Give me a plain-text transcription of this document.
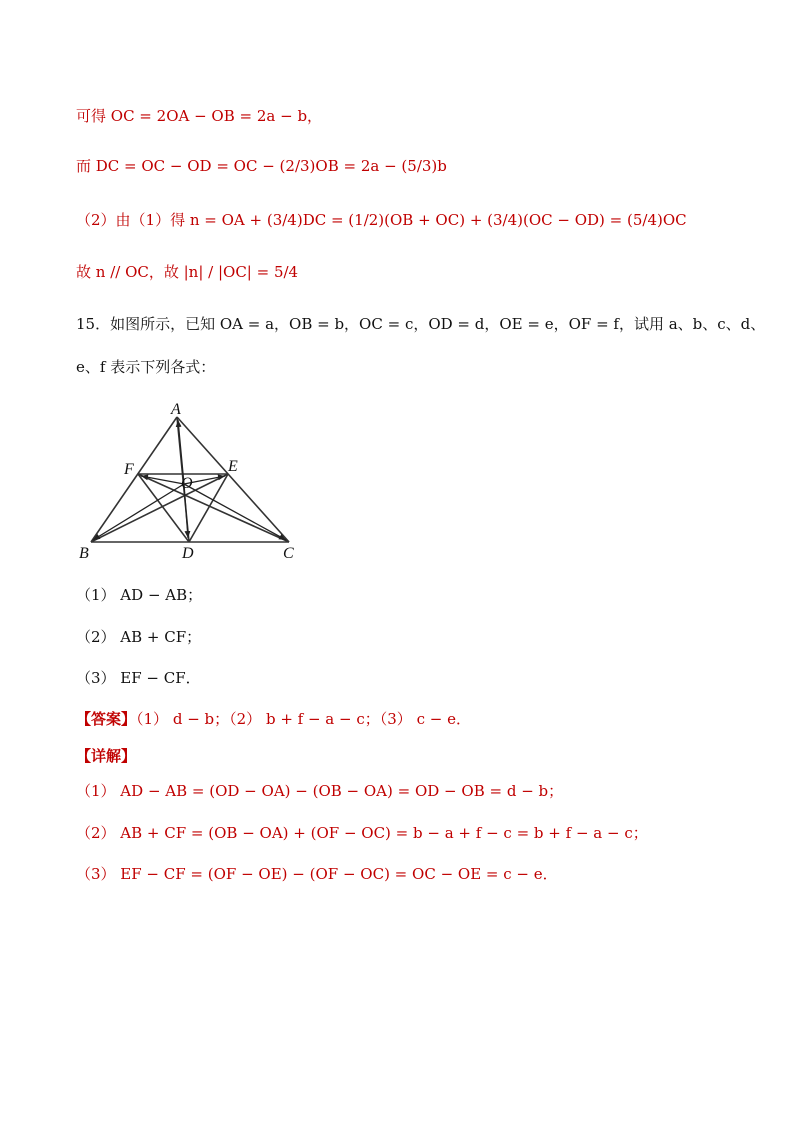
可得 OC = 2OA − OB = 2a − b，
而 DC = OC − OD = OC − (2/3)OB = 2a − (5/3)b
（2）由（1）得 n = OA + (3/4)DC = (1/2)(OB + OC) + (3/4)(OC − OD) = (5/4)OC
故 n // OC，故 |n| / |OC| = 5/4
15．如图所示，已知 OA = a，OB = b，OC = c，OD = d，OE = e，OF = f，试用 a、b、c、d、
e、f 表示下列各式：
A
B	C
D
E
F
O
（1） AD − AB；
（2） AB + CF；
（3） EF − CF．
【答案】（1） d − b；（2） b + f − a − c；（3） c − e．
【详解】
（1） AD − AB = (OD − OA) − (OB − OA) = OD − OB = d − b；
（2） AB + CF = (OB − OA) + (OF − OC) = b − a + f − c = b + f − a − c；
（3） EF − CF = (OF − OE) − (OF − OC) = OC − OE = c − e．
